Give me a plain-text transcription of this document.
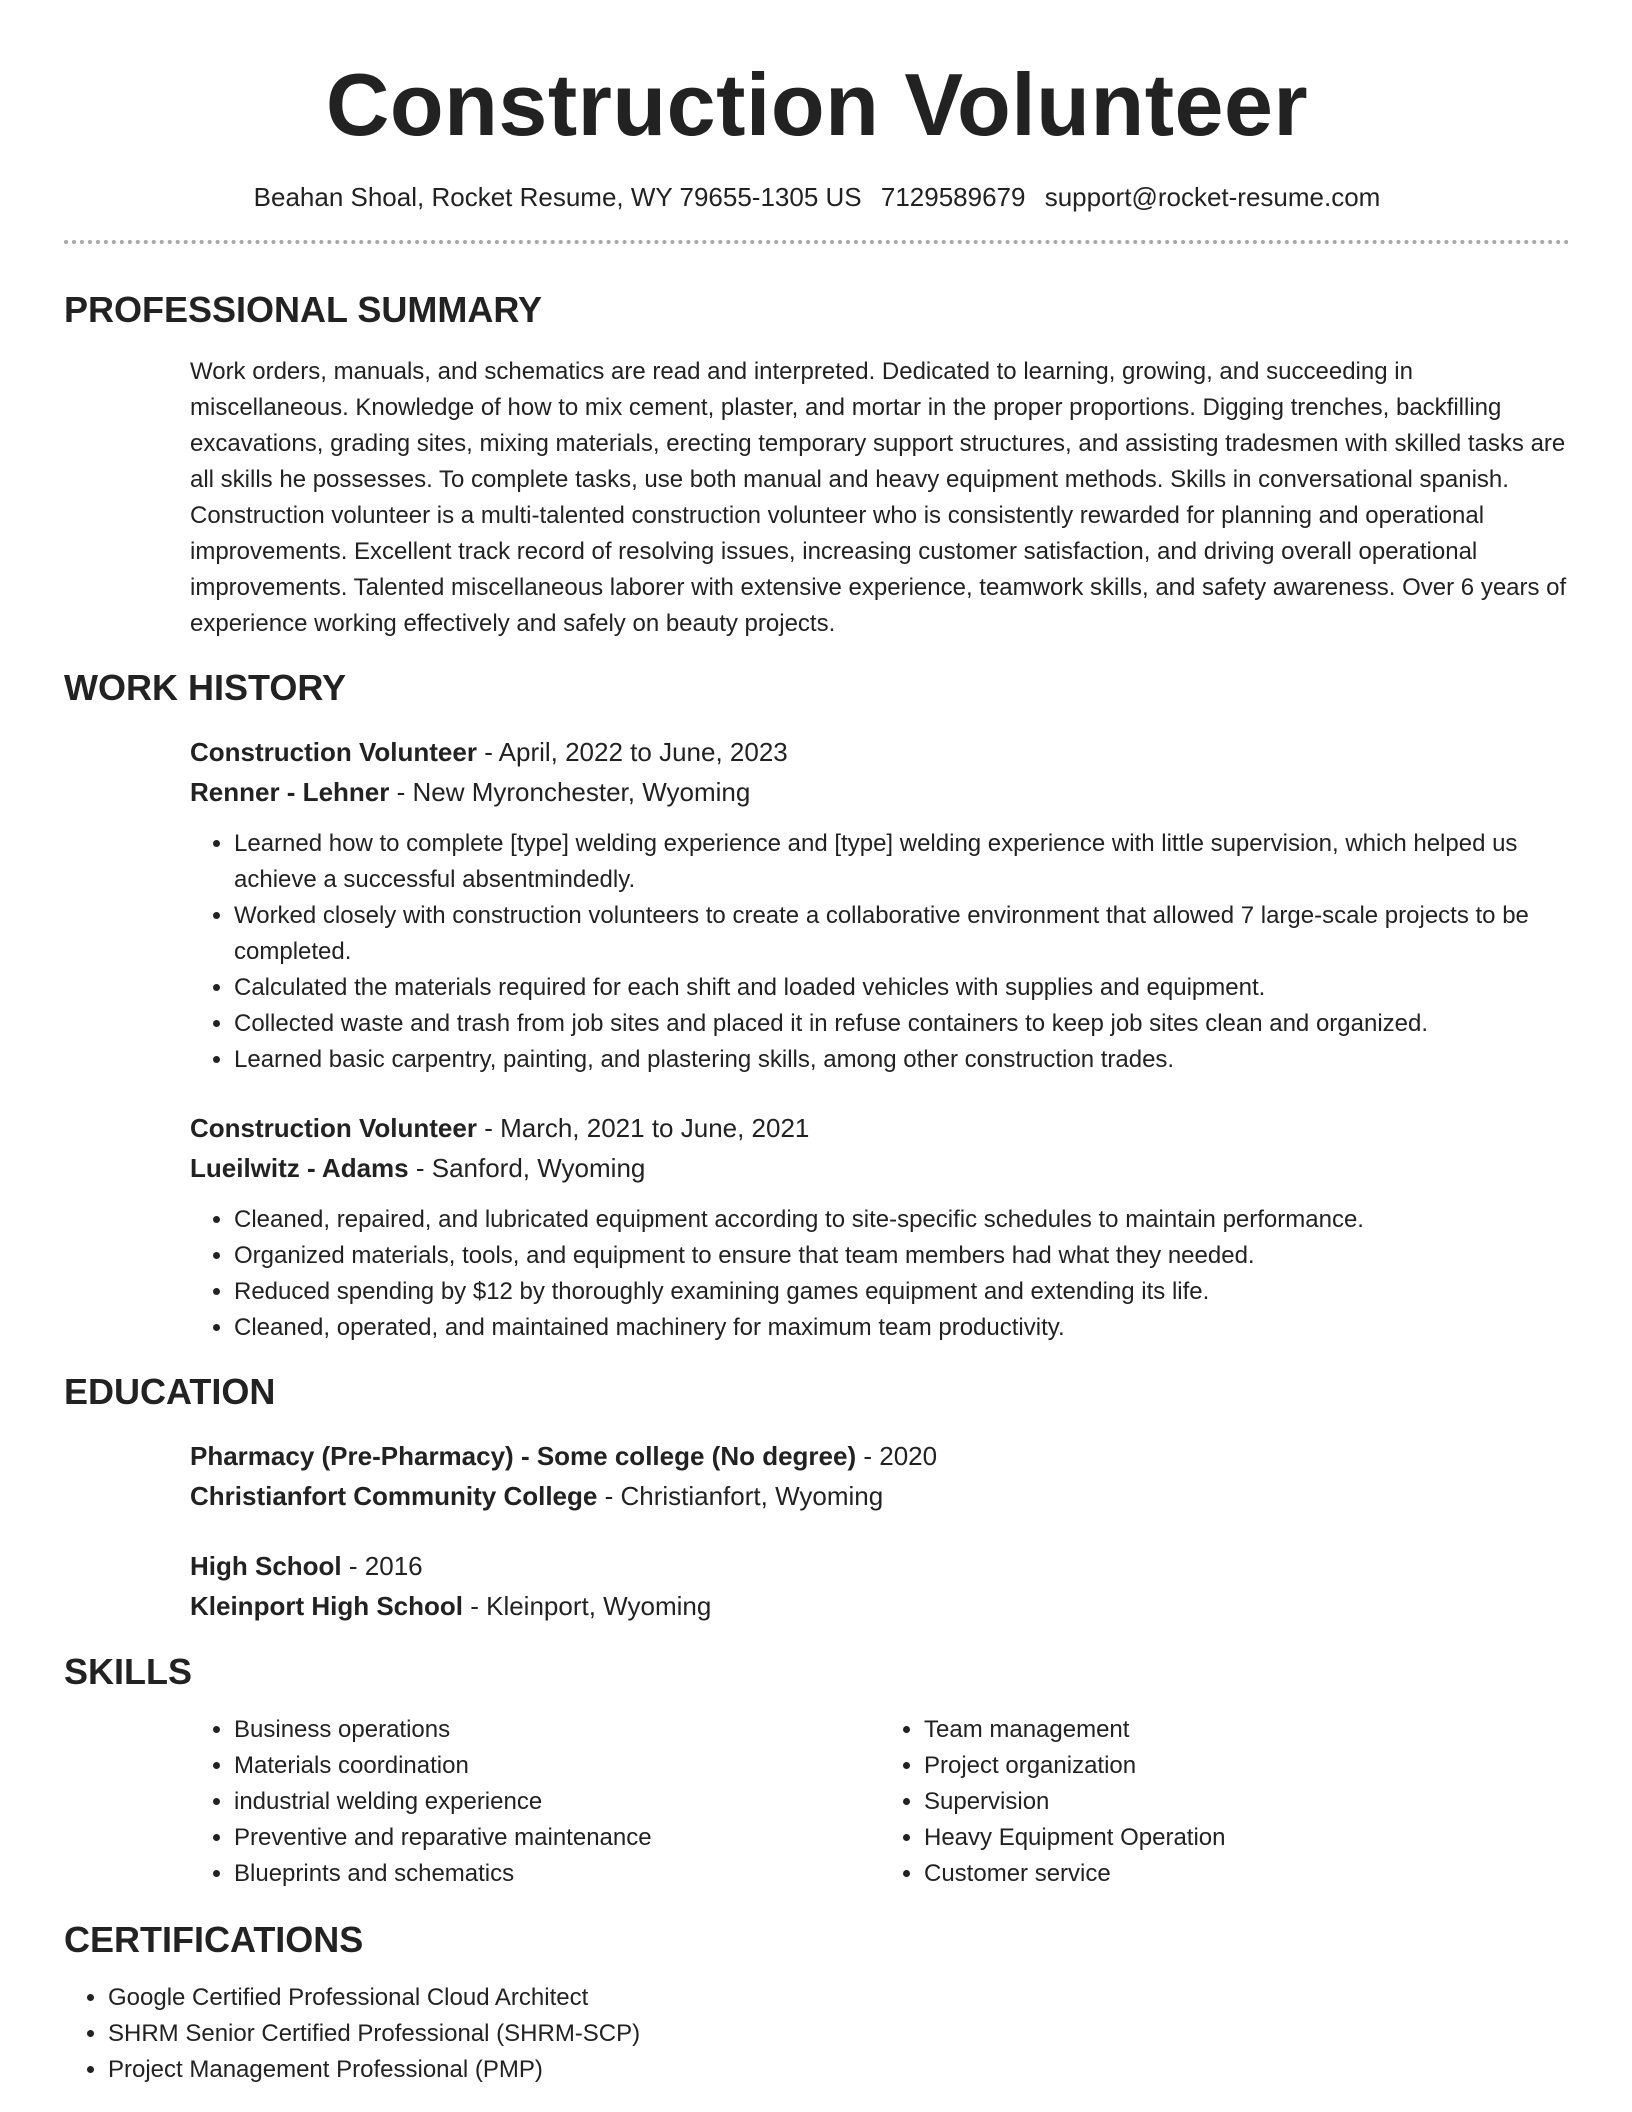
Construction Volunteer
Beahan Shoal, Rocket Resume, WY 79655-1305 US 7129589679 support@rocket-resume.com
PROFESSIONAL SUMMARY
Work orders, manuals, and schematics are read and interpreted. Dedicated to learning, growing, and succeeding in miscellaneous. Knowledge of how to mix cement, plaster, and mortar in the proper proportions. Digging trenches, backfilling excavations, grading sites, mixing materials, erecting temporary support structures, and assisting tradesmen with skilled tasks are all skills he possesses. To complete tasks, use both manual and heavy equipment methods. Skills in conversational spanish. Construction volunteer is a multi-talented construction volunteer who is consistently rewarded for planning and operational improvements. Excellent track record of resolving issues, increasing customer satisfaction, and driving overall operational improvements. Talented miscellaneous laborer with extensive experience, teamwork skills, and safety awareness. Over 6 years of experience working effectively and safely on beauty projects.
WORK HISTORY
Construction Volunteer - April, 2022 to June, 2023
Renner - Lehner - New Myronchester, Wyoming
• Learned how to complete [type] welding experience and [type] welding experience with little supervision, which helped us achieve a successful absentmindedly.
• Worked closely with construction volunteers to create a collaborative environment that allowed 7 large-scale projects to be completed.
• Calculated the materials required for each shift and loaded vehicles with supplies and equipment.
• Collected waste and trash from job sites and placed it in refuse containers to keep job sites clean and organized.
• Learned basic carpentry, painting, and plastering skills, among other construction trades.
Construction Volunteer - March, 2021 to June, 2021
Lueilwitz - Adams - Sanford, Wyoming
• Cleaned, repaired, and lubricated equipment according to site-specific schedules to maintain performance.
• Organized materials, tools, and equipment to ensure that team members had what they needed.
• Reduced spending by $12 by thoroughly examining games equipment and extending its life.
• Cleaned, operated, and maintained machinery for maximum team productivity.
EDUCATION
Pharmacy (Pre-Pharmacy) - Some college (No degree) - 2020
Christianfort Community College - Christianfort, Wyoming
High School - 2016
Kleinport High School - Kleinport, Wyoming
SKILLS
• Business operations
• Materials coordination
• industrial welding experience
• Preventive and reparative maintenance
• Blueprints and schematics
• Team management
• Project organization
• Supervision
• Heavy Equipment Operation
• Customer service
CERTIFICATIONS
• Google Certified Professional Cloud Architect
• SHRM Senior Certified Professional (SHRM-SCP)
• Project Management Professional (PMP)
